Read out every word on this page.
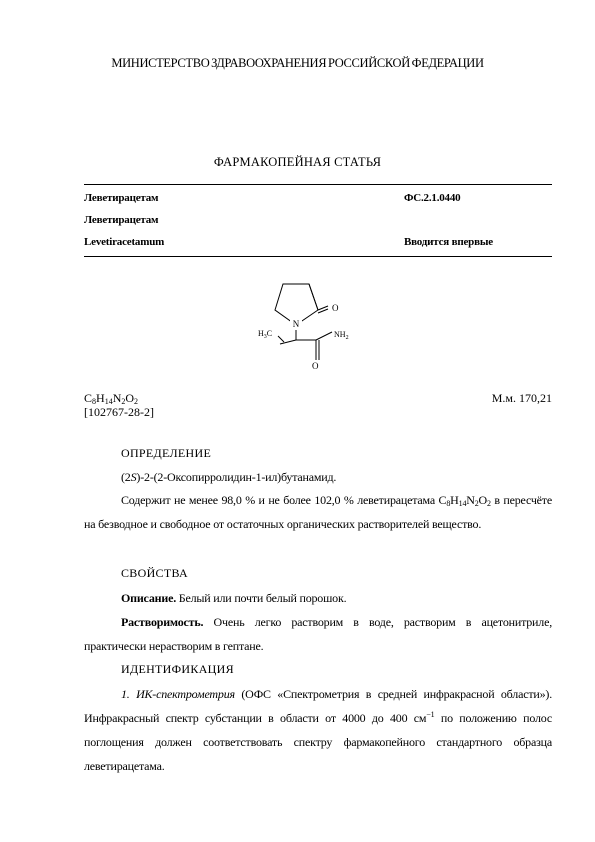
МИНИСТЕРСТВО ЗДРАВООХРАНЕНИЯ РОССИЙСКОЙ ФЕДЕРАЦИИ
ФАРМАКОПЕЙНАЯ СТАТЬЯ
Леветирацетам	ФС.2.1.0440
Леветирацетам
Levetiracetamum	Вводится впервые
N
O
O
$NH_2$
$H_3C$
$C_8H_{14}N_2O_2$	М.м. 170,21
[102767-28-2]
ОПРЕДЕЛЕНИЕ
(2S)-2-(2-Оксопирролидин-1-ил)бутанамид.
Содержит не менее 98,0 % и не более 102,0 % леветирацетама $C_8H_{14}N_2O_2$ в пересчёте на безводное и свободное от остаточных органических растворителей вещество.
СВОЙСТВА
Описание. Белый или почти белый порошок.
Растворимость. Очень легко растворим в воде, растворим в ацетонитриле, практически нерастворим в гептане.
ИДЕНТИФИКАЦИЯ
1. ИК-спектрометрия (ОФС «Спектрометрия в средней инфракрасной области»). Инфракрасный спектр субстанции в области от 4000 до 400 $см^{-1}$ по положению полос поглощения должен соответствовать спектру фармакопейного стандартного образца леветирацетама.
